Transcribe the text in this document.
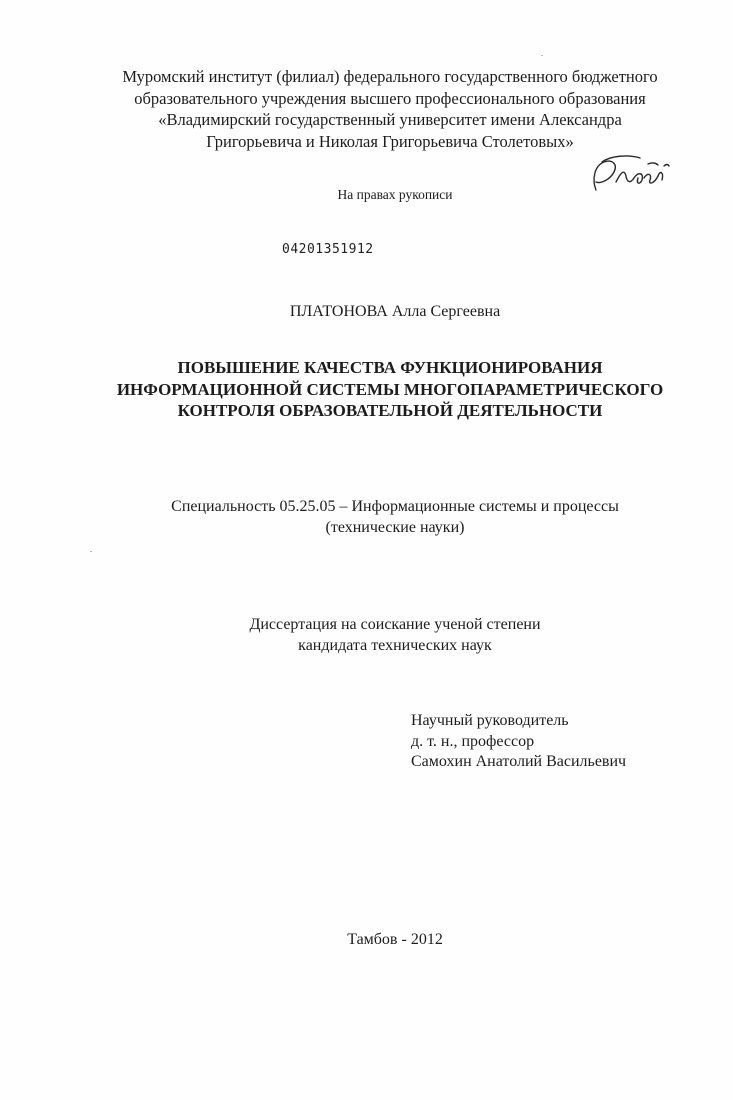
Муромский институт (филиал) федерального государственного бюджетного
образовательного учреждения высшего профессионального образования
«Владимирский государственный университет имени Александра
Григорьевича и Николая Григорьевича Столетовых»
На правах рукописи
04201351912
ПЛАТОНОВА Алла Сергеевна
ПОВЫШЕНИЕ КАЧЕСТВА ФУНКЦИОНИРОВАНИЯ
ИНФОРМАЦИОННОЙ СИСТЕМЫ МНОГОПАРАМЕТРИЧЕСКОГО
КОНТРОЛЯ ОБРАЗОВАТЕЛЬНОЙ ДЕЯТЕЛЬНОСТИ
Специальность 05.25.05 – Информационные системы и процессы
(технические науки)
Диссертация на соискание ученой степени
кандидата технических наук
Научный руководитель
д. т. н., профессор
Самохин Анатолий Васильевич
Тамбов - 2012
